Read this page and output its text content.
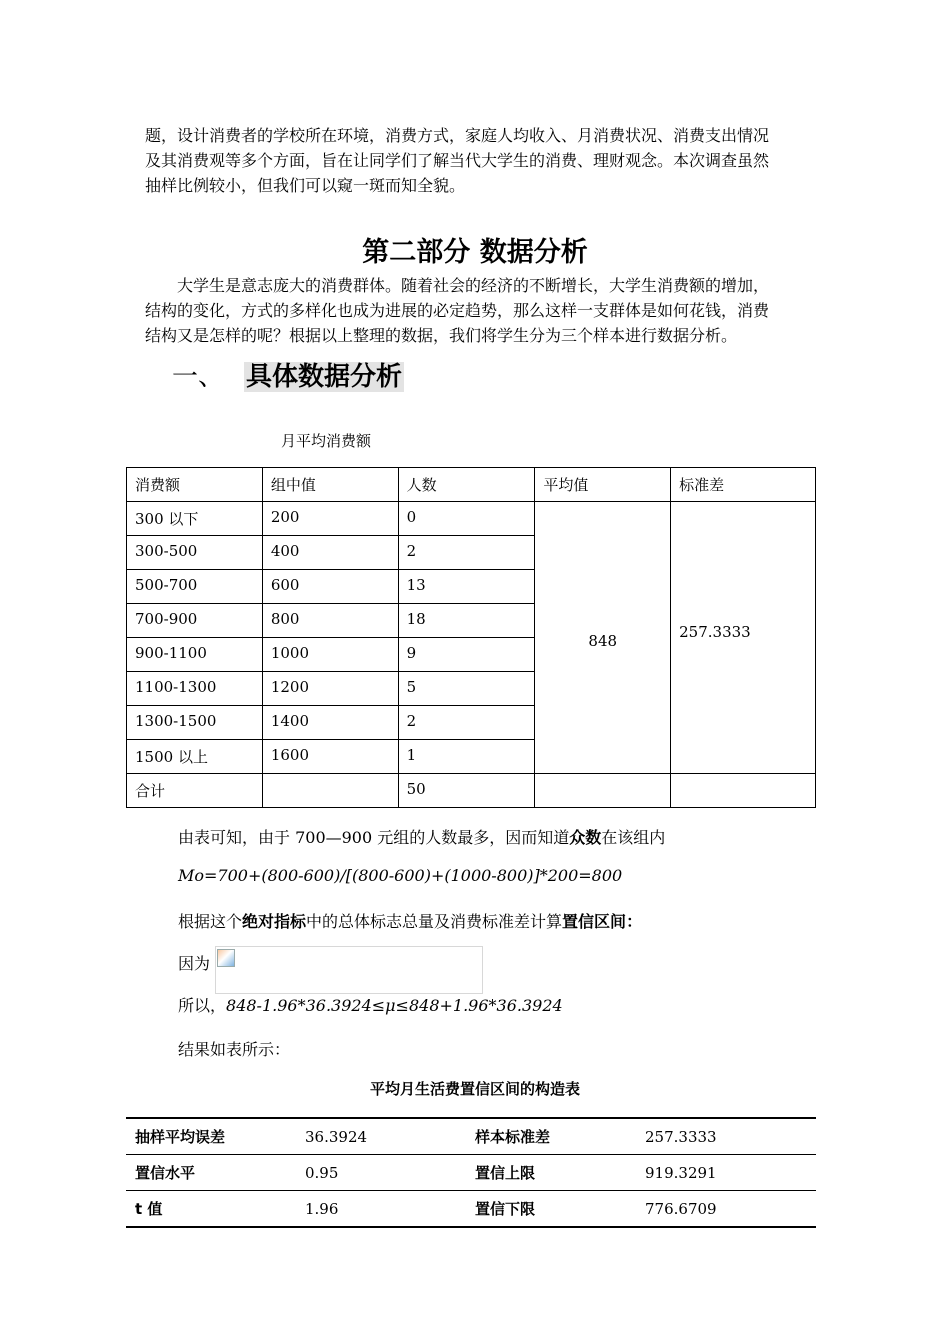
题，设计消费者的学校所在环境，消费方式，家庭人均收入、月消费状况、消费支出情况
及其消费观等多个方面，旨在让同学们了解当代大学生的消费、理财观念。本次调查虽然
抽样比例较小，但我们可以窥一斑而知全貌。
第二部分 数据分析
大学生是意志庞大的消费群体。随着社会的经济的不断增长，大学生消费额的增加，
结构的变化，方式的多样化也成为进展的必定趋势，那么这样一支群体是如何花钱，消费
结构又是怎样的呢？根据以上整理的数据，我们将学生分为三个样本进行数据分析。
一、 具体数据分析

月平均消费额

消费额	组中值	人数	平均值	标准差
300 以下	200	0	848	257.3333
300-500	400	2		
500-700	600	13		
700-900	800	18		
900-1100	1000	9		
1100-1300	1200	5		
1300-1500	1400	2		
1500 以上	1600	1		
合计		50		

由表可知，由于 700—900 元组的人数最多，因而知道众数在该组内

Mo=700+(800-600)/[(800-600)+(1000-800)]*200=800

根据这个绝对指标中的总体标志总量及消费标准差计算置信区间：

因为

所以，848-1.96*36.3924≤μ≤848+1.96*36.3924

结果如表所示：

平均月生活费置信区间的构造表

抽样平均误差	36.3924	样本标准差	257.3333
置信水平	0.95	置信上限	919.3291
t 值	1.96	置信下限	776.6709
